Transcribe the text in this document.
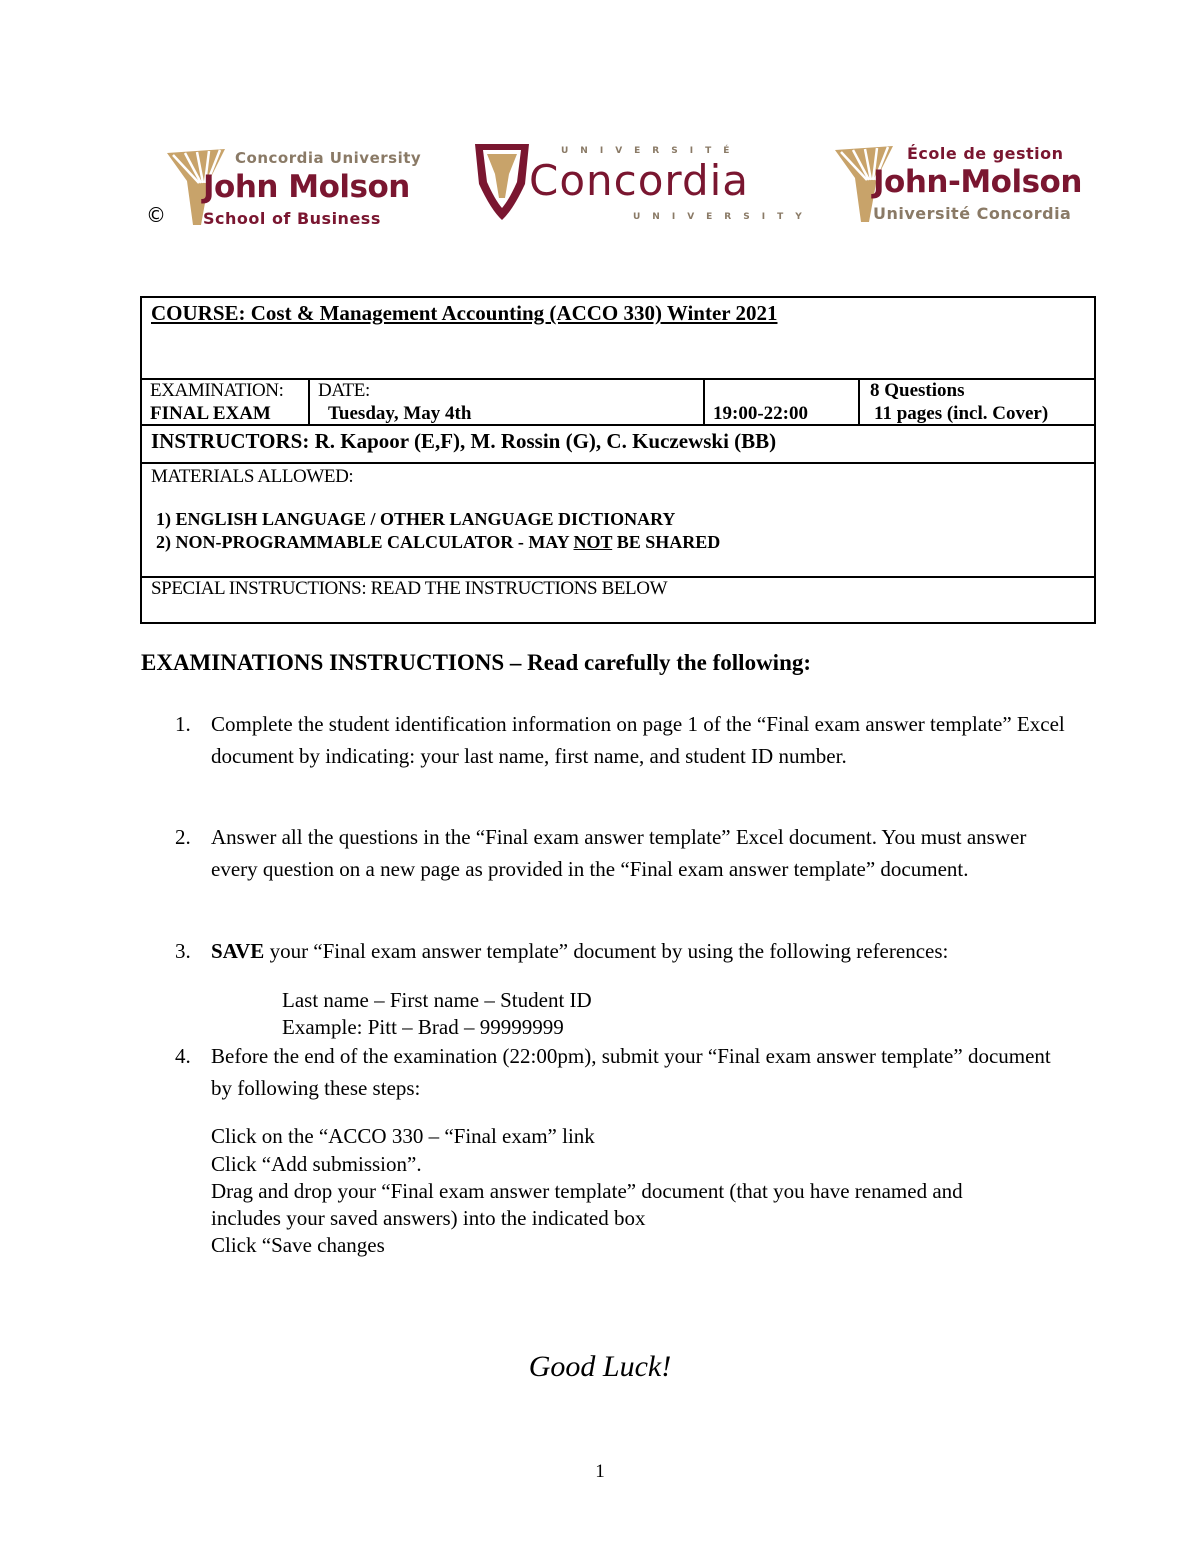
Concordia University
John Molson
School of Business
©
UNIVERSITÉ
Concordia
UNIVERSITY
École de gestion
John-Molson
Université Concordia
COURSE: Cost & Management Accounting (ACCO 330) Winter 2021
EXAMINATION:
FINAL EXAM
DATE:
Tuesday, May 4th	19:00-22:00
8 Questions
11 pages (incl. Cover)
INSTRUCTORS: R. Kapoor (E,F), M. Rossin (G), C. Kuczewski (BB)
MATERIALS ALLOWED:
1) ENGLISH LANGUAGE / OTHER LANGUAGE DICTIONARY
2) NON-PROGRAMMABLE CALCULATOR - MAY NOT BE SHARED
SPECIAL INSTRUCTIONS: READ THE INSTRUCTIONS BELOW
EXAMINATIONS INSTRUCTIONS – Read carefully the following:
1. Complete the student identification information on page 1 of the “Final exam answer template” Excel document by indicating: your last name, first name, and student ID number.
2. Answer all the questions in the “Final exam answer template” Excel document. You must answer every question on a new page as provided in the “Final exam answer template” document.
3. SAVE your “Final exam answer template” document by using the following references:
Last name – First name – Student ID
Example: Pitt – Brad – 99999999
4. Before the end of the examination (22:00pm), submit your “Final exam answer template” document by following these steps:
Click on the “ACCO 330 – “Final exam” link
Click “Add submission”.
Drag and drop your “Final exam answer template” document (that you have renamed and
includes your saved answers) into the indicated box
Click “Save changes
Good Luck!
1
